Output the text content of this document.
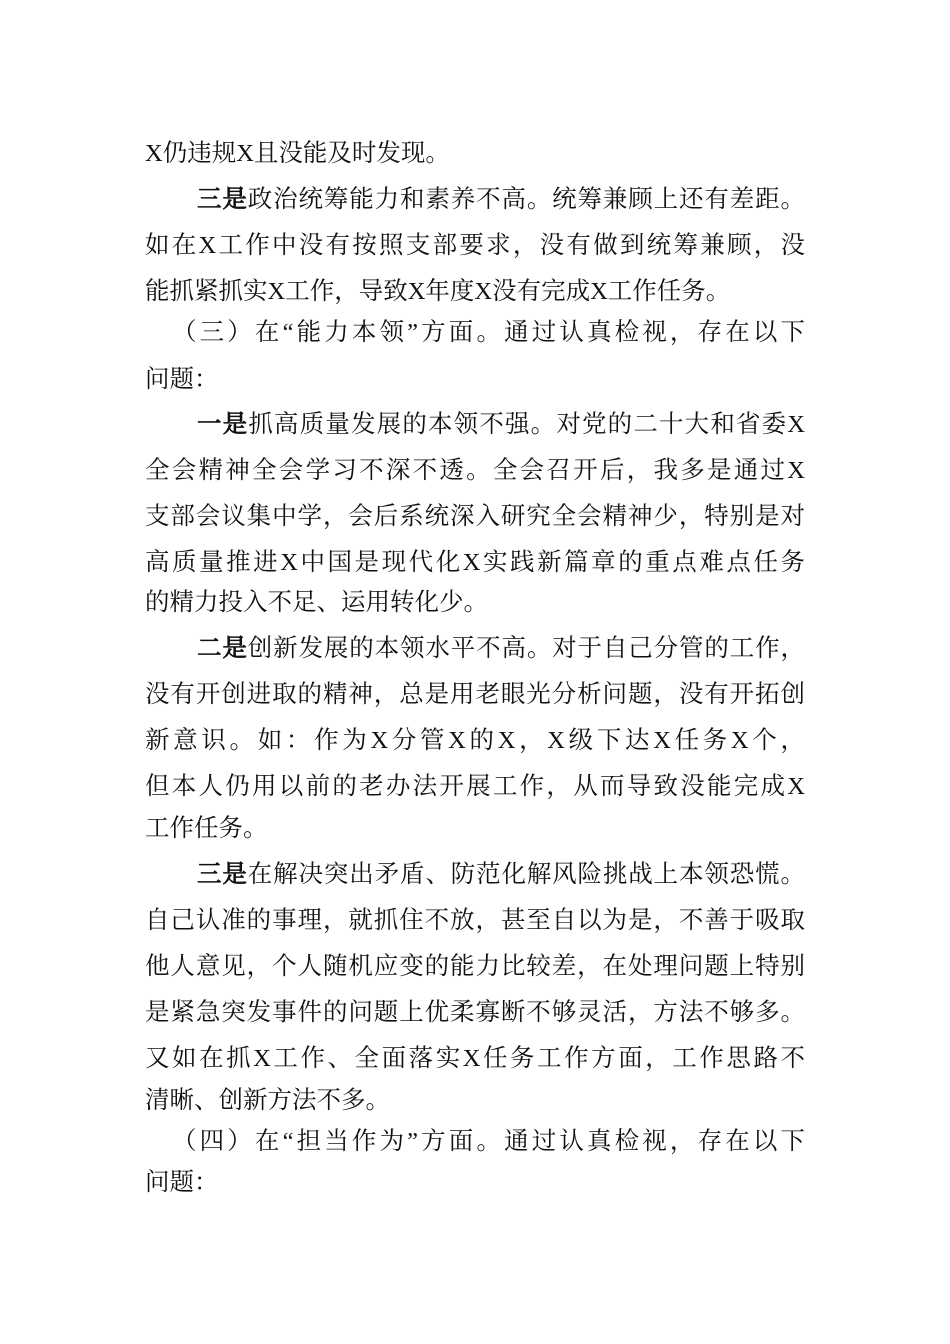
X仍违规X且没能及时发现。
三是政治统筹能力和素养不高。统筹兼顾上还有差距。
如在X工作中没有按照支部要求，没有做到统筹兼顾，没
能抓紧抓实X工作，导致X年度X没有完成X工作任务。
（三）在“能力本领”方面。通过认真检视，存在以下
问题：
一是抓高质量发展的本领不强。对党的二十大和省委X
全会精神全会学习不深不透。全会召开后，我多是通过X
支部会议集中学，会后系统深入研究全会精神少，特别是对
高质量推进X中国是现代化X实践新篇章的重点难点任务
的精力投入不足、运用转化少。
二是创新发展的本领水平不高。对于自己分管的工作，
没有开创进取的精神，总是用老眼光分析问题，没有开拓创
新意识。如：作为X分管X的X，X级下达X任务X个，
但本人仍用以前的老办法开展工作，从而导致没能完成X
工作任务。
三是在解决突出矛盾、防范化解风险挑战上本领恐慌。
自己认准的事理，就抓住不放，甚至自以为是，不善于吸取
他人意见，个人随机应变的能力比较差，在处理问题上特别
是紧急突发事件的问题上优柔寡断不够灵活，方法不够多。
又如在抓X工作、全面落实X任务工作方面，工作思路不
清晰、创新方法不多。
（四）在“担当作为”方面。通过认真检视，存在以下
问题：
